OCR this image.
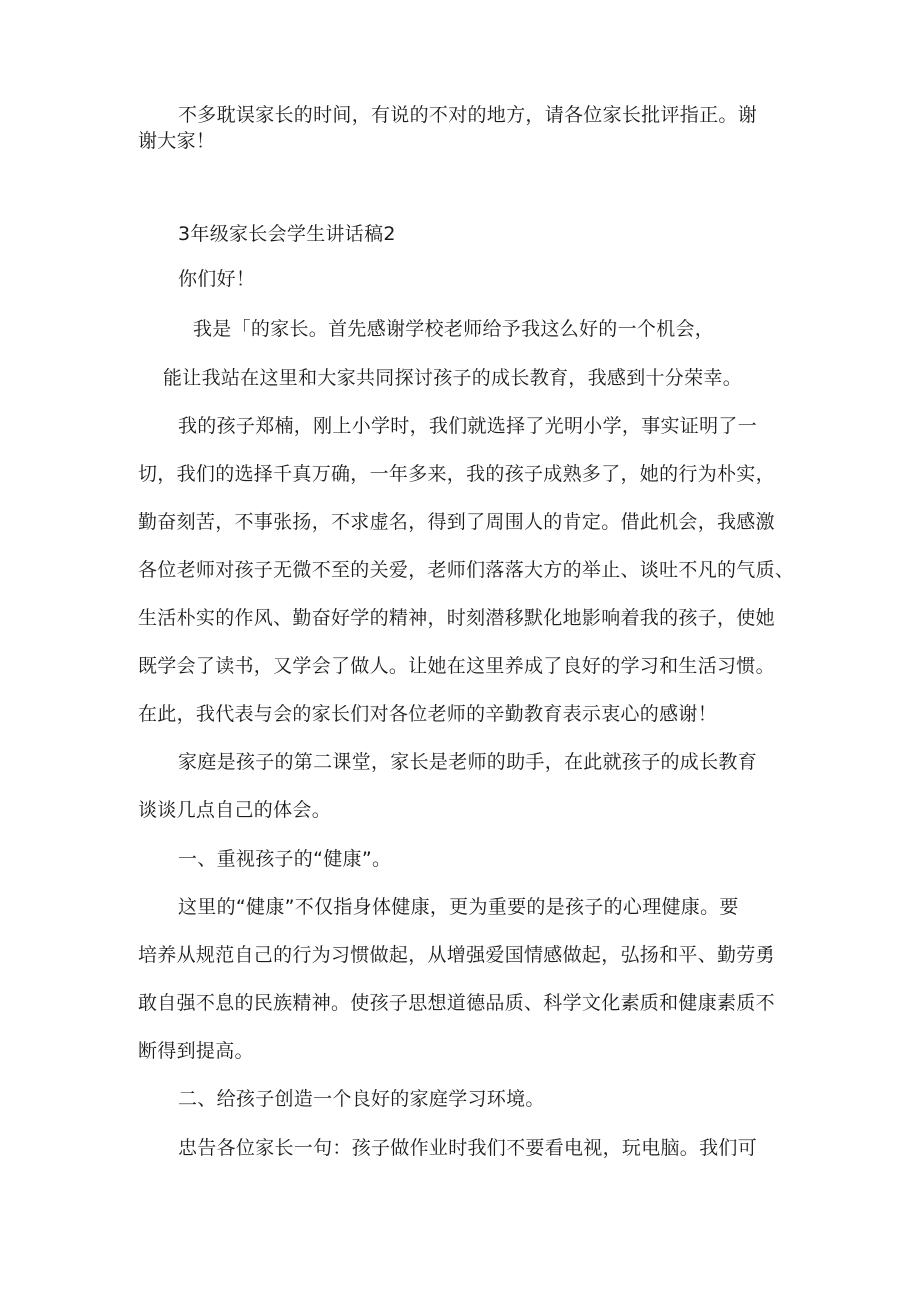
不多耽误家长的时间，有说的不对的地方，请各位家长批评指正。谢
谢大家！
3年级家长会学生讲话稿2
你们好！
我是「的家长。首先感谢学校老师给予我这么好的一个机会，
能让我站在这里和大家共同探讨孩子的成长教育，我感到十分荣幸。
我的孩子郑楠，刚上小学时，我们就选择了光明小学，事实证明了一
切，我们的选择千真万确，一年多来，我的孩子成熟多了，她的行为朴实，
勤奋刻苦，不事张扬，不求虚名，得到了周围人的肯定。借此机会，我感激
各位老师对孩子无微不至的关爱，老师们落落大方的举止、谈吐不凡的气质、
生活朴实的作风、勤奋好学的精神，时刻潜移默化地影响着我的孩子，使她
既学会了读书，又学会了做人。让她在这里养成了良好的学习和生活习惯。
在此，我代表与会的家长们对各位老师的辛勤教育表示衷心的感谢！
家庭是孩子的第二课堂，家长是老师的助手，在此就孩子的成长教育
谈谈几点自己的体会。
一、重视孩子的“健康”。
这里的“健康”不仅指身体健康，更为重要的是孩子的心理健康。要
培养从规范自己的行为习惯做起，从增强爱国情感做起，弘扬和平、勤劳勇
敢自强不息的民族精神。使孩子思想道德品质、科学文化素质和健康素质不
断得到提高。
二、给孩子创造一个良好的家庭学习环境。
忠告各位家长一句：孩子做作业时我们不要看电视，玩电脑。我们可
